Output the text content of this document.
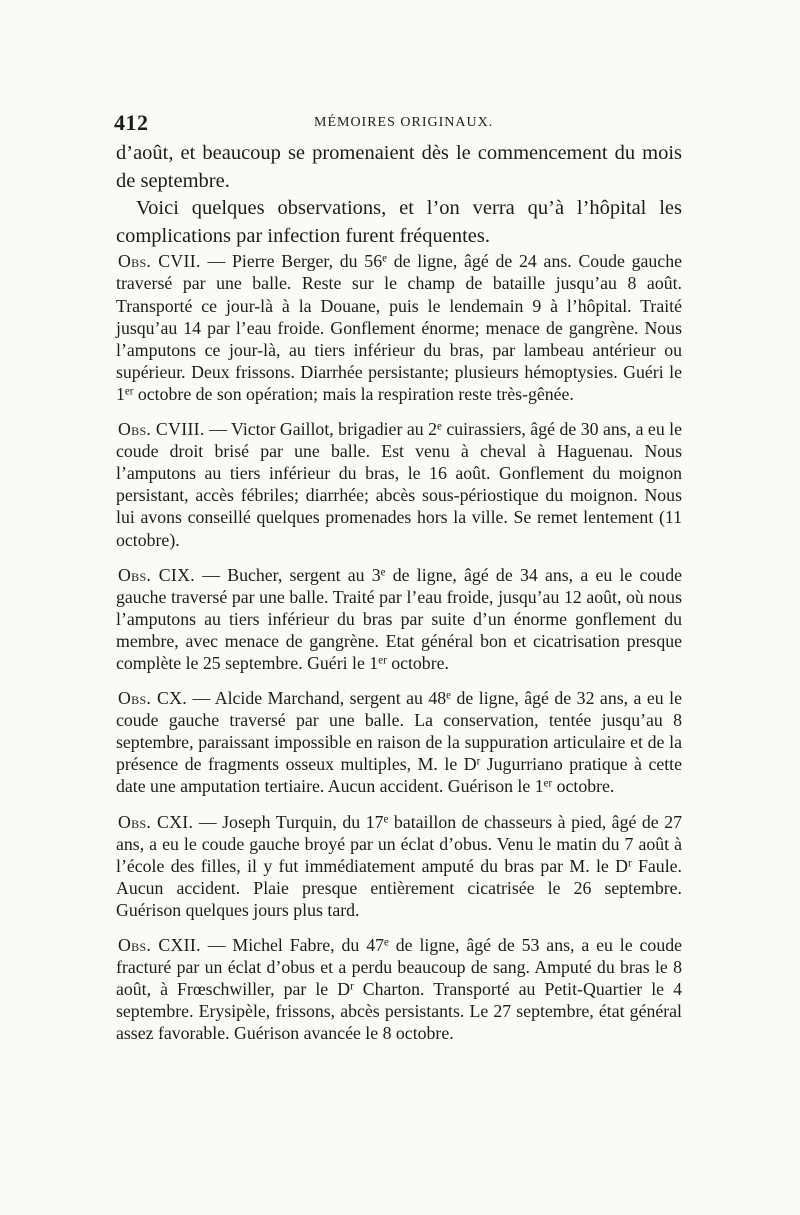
412	MÉMOIRES ORIGINAUX.

d’août, et beaucoup se promenaient dès le commencement du mois de septembre.

Voici quelques observations, et l’on verra qu’à l’hôpital les complications par infection furent fréquentes.

Obs. CVII. — Pierre Berger, du 56e de ligne, âgé de 24 ans. Coude gauche traversé par une balle. Reste sur le champ de bataille jusqu’au 8 août. Transporté ce jour-là à la Douane, puis le lendemain 9 à l’hôpital. Traité jusqu’au 14 par l’eau froide. Gonflement énorme; menace de gangrène. Nous l’amputons ce jour-là, au tiers inférieur du bras, par lambeau antérieur ou supérieur. Deux frissons. Diarrhée persistante; plusieurs hémoptysies. Guéri le 1er octobre de son opération; mais la respiration reste très-gênée.

Obs. CVIII. — Victor Gaillot, brigadier au 2e cuirassiers, âgé de 30 ans, a eu le coude droit brisé par une balle. Est venu à cheval à Haguenau. Nous l’amputons au tiers inférieur du bras, le 16 août. Gonflement du moignon persistant, accès fébriles; diarrhée; abcès sous-périostique du moignon. Nous lui avons conseillé quelques promenades hors la ville. Se remet lentement (11 octobre).

Obs. CIX. — Bucher, sergent au 3e de ligne, âgé de 34 ans, a eu le coude gauche traversé par une balle. Traité par l’eau froide, jusqu’au 12 août, où nous l’amputons au tiers inférieur du bras par suite d’un énorme gonflement du membre, avec menace de gangrène. Etat général bon et cicatrisation presque complète le 25 septembre. Guéri le 1er octobre.

Obs. CX. — Alcide Marchand, sergent au 48e de ligne, âgé de 32 ans, a eu le coude gauche traversé par une balle. La conservation, tentée jusqu’au 8 septembre, paraissant impossible en raison de la suppuration articulaire et de la présence de fragments osseux multiples, M. le $D^r$ Jugurriano pratique à cette date une amputation tertiaire. Aucun accident. Guérison le 1er octobre.

Obs. CXI. — Joseph Turquin, du 17e bataillon de chasseurs à pied, âgé de 27 ans, a eu le coude gauche broyé par un éclat d’obus. Venu le matin du 7 août à l’école des filles, il y fut immédiatement amputé du bras par M. le $D^r$ Faule. Aucun accident. Plaie presque entièrement cicatrisée le 26 septembre. Guérison quelques jours plus tard.

Obs. CXII. — Michel Fabre, du 47e de ligne, âgé de 53 ans, a eu le coude fracturé par un éclat d’obus et a perdu beaucoup de sang. Amputé du bras le 8 août, à Frœschwiller, par le $D^r$ Charton. Transporté au Petit-Quartier le 4 septembre. Erysipèle, frissons, abcès persistants. Le 27 septembre, état général assez favorable. Guérison avancée le 8 octobre.
